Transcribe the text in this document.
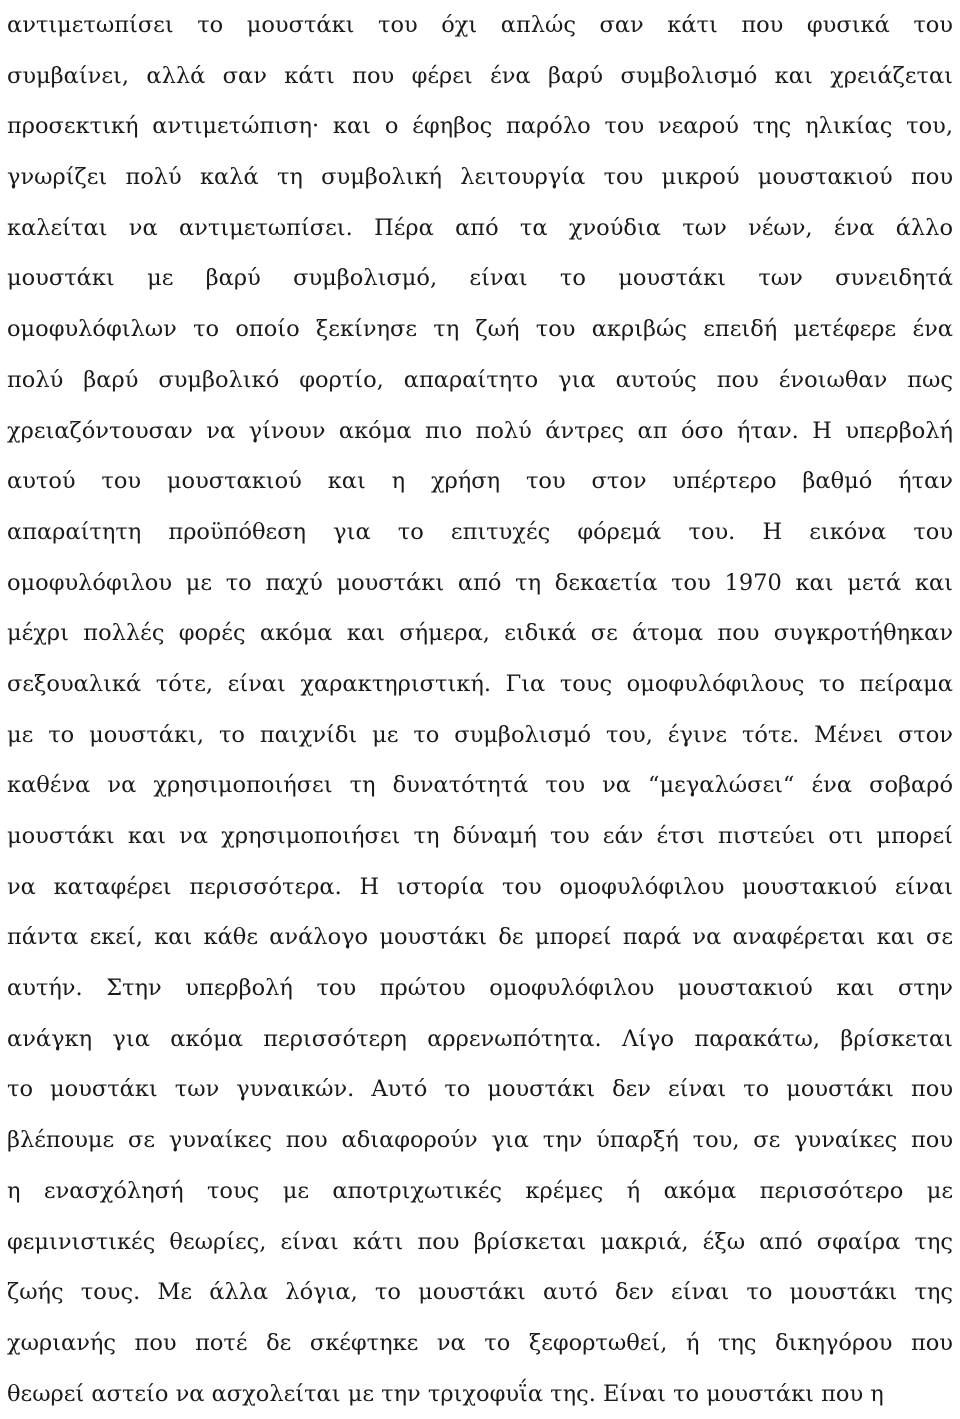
αντιμετωπίσει το μουστάκι του όχι απλώς σαν κάτι που φυσικά του
συμβαίνει, αλλά σαν κάτι που φέρει ένα βαρύ συμβολισμό και χρειάζεται
προσεκτική αντιμετώπιση· και ο έφηβος παρόλο του νεαρού της ηλικίας του,
γνωρίζει πολύ καλά τη συμβολική λειτουργία του μικρού μουστακιού που
καλείται να αντιμετωπίσει. Πέρα από τα χνούδια των νέων, ένα άλλο
μουστάκι με βαρύ συμβολισμό, είναι το μουστάκι των συνειδητά
ομοφυλόφιλων το οποίο ξεκίνησε τη ζωή του ακριβώς επειδή μετέφερε ένα
πολύ βαρύ συμβολικό φορτίο, απαραίτητο για αυτούς που ένοιωθαν πως
χρειαζόντουσαν να γίνουν ακόμα πιο πολύ άντρες απ όσο ήταν. Η υπερβολή
αυτού του μουστακιού και η χρήση του στον υπέρτερο βαθμό ήταν
απαραίτητη προϋπόθεση για το επιτυχές φόρεμά του. Η εικόνα του
ομοφυλόφιλου με το παχύ μουστάκι από τη δεκαετία του 1970 και μετά και
μέχρι πολλές φορές ακόμα και σήμερα, ειδικά σε άτομα που συγκροτήθηκαν
σεξουαλικά τότε, είναι χαρακτηριστική. Για τους ομοφυλόφιλους το πείραμα
με το μουστάκι, το παιχνίδι με το συμβολισμό του, έγινε τότε. Μένει στον
καθένα να χρησιμοποιήσει τη δυνατότητά του να “μεγαλώσει“ ένα σοβαρό
μουστάκι και να χρησιμοποιήσει τη δύναμή του εάν έτσι πιστεύει οτι μπορεί
να καταφέρει περισσότερα. Η ιστορία του ομοφυλόφιλου μουστακιού είναι
πάντα εκεί, και κάθε ανάλογο μουστάκι δε μπορεί παρά να αναφέρεται και σε
αυτήν. Στην υπερβολή του πρώτου ομοφυλόφιλου μουστακιού και στην
ανάγκη για ακόμα περισσότερη αρρενωπότητα. Λίγο παρακάτω, βρίσκεται
το μουστάκι των γυναικών. Αυτό το μουστάκι δεν είναι το μουστάκι που
βλέπουμε σε γυναίκες που αδιαφορούν για την ύπαρξή του, σε γυναίκες που
η ενασχόλησή τους με αποτριχωτικές κρέμες ή ακόμα περισσότερο με
φεμινιστικές θεωρίες, είναι κάτι που βρίσκεται μακριά, έξω από σφαίρα της
ζωής τους. Με άλλα λόγια, το μουστάκι αυτό δεν είναι το μουστάκι της
χωριανής που ποτέ δε σκέφτηκε να το ξεφορτωθεί, ή της δικηγόρου που
θεωρεί αστείο να ασχολείται με την τριχοφυΐα της. Είναι το μουστάκι που η
